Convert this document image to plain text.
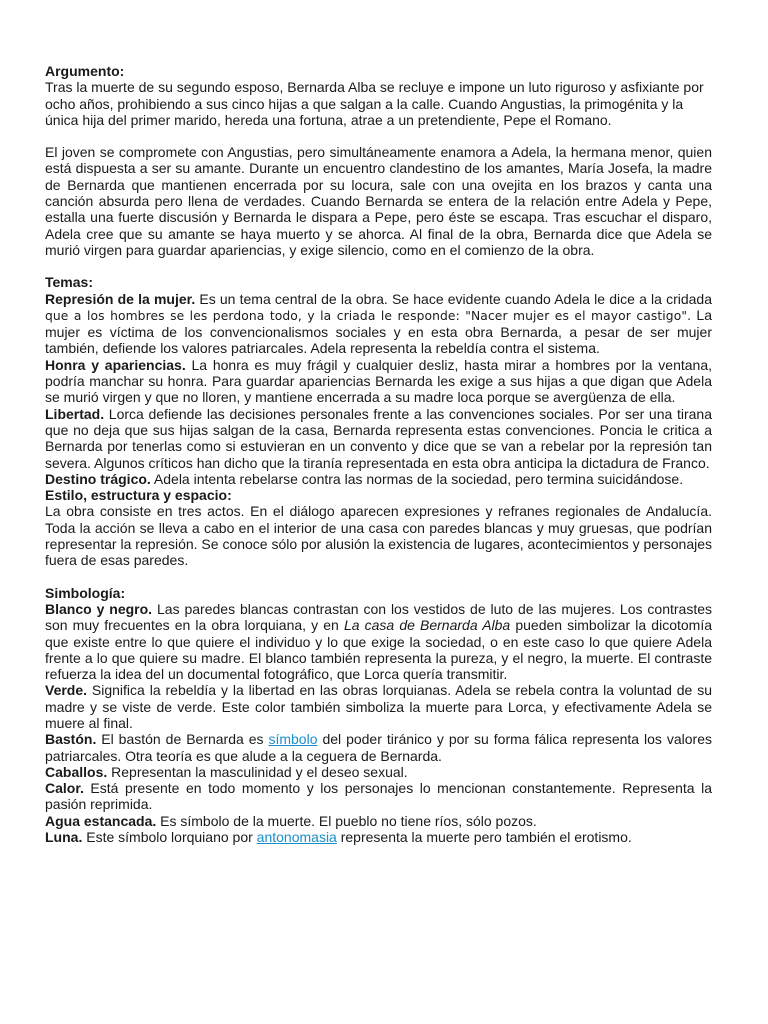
Argumento:

Tras la muerte de su segundo esposo, Bernarda Alba se recluye e impone un luto riguroso y asfixiante por ocho años, prohibiendo a sus cinco hijas a que salgan a la calle. Cuando Angustias, la primogénita y la única hija del primer marido, hereda una fortuna, atrae a un pretendiente, Pepe el Romano.

El joven se compromete con Angustias, pero simultáneamente enamora a Adela, la hermana menor, quien está dispuesta a ser su amante. Durante un encuentro clandestino de los amantes, María Josefa, la madre de Bernarda que mantienen encerrada por su locura, sale con una ovejita en los brazos y canta una canción absurda pero llena de verdades. Cuando Bernarda se entera de la relación entre Adela y Pepe, estalla una fuerte discusión y Bernarda le dispara a Pepe, pero éste se escapa. Tras escuchar el disparo, Adela cree que su amante se haya muerto y se ahorca. Al final de la obra, Bernarda dice que Adela se murió virgen para guardar apariencias, y exige silencio, como en el comienzo de la obra.

Temas:

Represión de la mujer. Es un tema central de la obra. Se hace evidente cuando Adela le dice a la cridada que a los hombres se les perdona todo, y la criada le responde: "Nacer mujer es el mayor castigo". La mujer es víctima de los convencionalismos sociales y en esta obra Bernarda, a pesar de ser mujer también, defiende los valores patriarcales. Adela representa la rebeldía contra el sistema.

Honra y apariencias. La honra es muy frágil y cualquier desliz, hasta mirar a hombres por la ventana, podría manchar su honra. Para guardar apariencias Bernarda les exige a sus hijas a que digan que Adela se murió virgen y que no lloren, y mantiene encerrada a su madre loca porque se avergüenza de ella.

Libertad. Lorca defiende las decisiones personales frente a las convenciones sociales. Por ser una tirana que no deja que sus hijas salgan de la casa, Bernarda representa estas convenciones. Poncia le critica a Bernarda por tenerlas como si estuvieran en un convento y dice que se van a rebelar por la represión tan severa. Algunos críticos han dicho que la tiranía representada en esta obra anticipa la dictadura de Franco.

Destino trágico. Adela intenta rebelarse contra las normas de la sociedad, pero termina suicidándose.

Estilo, estructura y espacio:

La obra consiste en tres actos. En el diálogo aparecen expresiones y refranes regionales de Andalucía. Toda la acción se lleva a cabo en el interior de una casa con paredes blancas y muy gruesas, que podrían representar la represión. Se conoce sólo por alusión la existencia de lugares, acontecimientos y personajes fuera de esas paredes.

Simbología:

Blanco y negro. Las paredes blancas contrastan con los vestidos de luto de las mujeres. Los contrastes son muy frecuentes en la obra lorquiana, y en La casa de Bernarda Alba pueden simbolizar la dicotomía que existe entre lo que quiere el individuo y lo que exige la sociedad, o en este caso lo que quiere Adela frente a lo que quiere su madre. El blanco también representa la pureza, y el negro, la muerte. El contraste refuerza la idea del un documental fotográfico, que Lorca quería transmitir.

Verde. Significa la rebeldía y la libertad en las obras lorquianas. Adela se rebela contra la voluntad de su madre y se viste de verde. Este color también simboliza la muerte para Lorca, y efectivamente Adela se muere al final.

Bastón. El bastón de Bernarda es símbolo del poder tiránico y por su forma fálica representa los valores patriarcales. Otra teoría es que alude a la ceguera de Bernarda.

Caballos. Representan la masculinidad y el deseo sexual.

Calor. Está presente en todo momento y los personajes lo mencionan constantemente. Representa la pasión reprimida.

Agua estancada. Es símbolo de la muerte. El pueblo no tiene ríos, sólo pozos.

Luna. Este símbolo lorquiano por antonomasia representa la muerte pero también el erotismo.
